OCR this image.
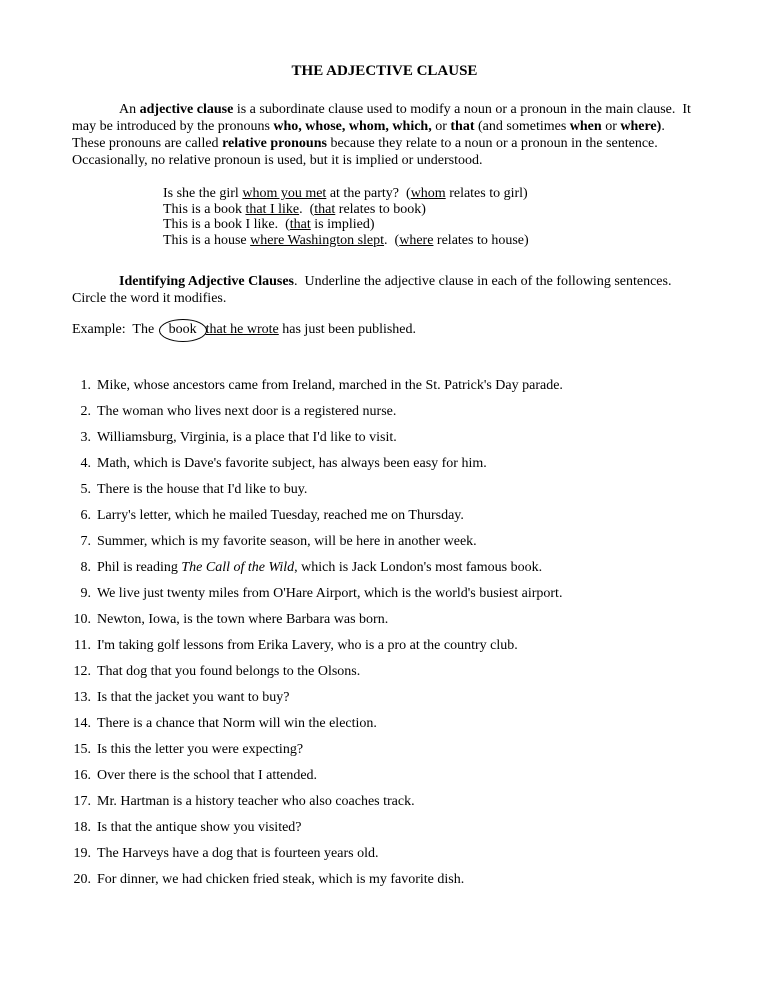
THE ADJECTIVE CLAUSE

An adjective clause is a subordinate clause used to modify a noun or a pronoun in the main clause.  It may be introduced by the pronouns who, whose, whom, which, or that (and sometimes when or where). These pronouns are called relative pronouns because they relate to a noun or a pronoun in the sentence. Occasionally, no relative pronoun is used, but it is implied or understood.

Is she the girl whom you met at the party?  (whom relates to girl)
This is a book that I like.  (that relates to book)
This is a book I like.  (that is implied)
This is a house where Washington slept.  (where relates to house)

Identifying Adjective Clauses.  Underline the adjective clause in each of the following sentences.  Circle the word it modifies.

Example:  The book that he wrote has just been published.
1. Mike, whose ancestors came from Ireland, marched in the St. Patrick's Day parade.
2. The woman who lives next door is a registered nurse.
3. Williamsburg, Virginia, is a place that I'd like to visit.
4. Math, which is Dave's favorite subject, has always been easy for him.
5. There is the house that I'd like to buy.
6. Larry's letter, which he mailed Tuesday, reached me on Thursday.
7. Summer, which is my favorite season, will be here in another week.
8. Phil is reading The Call of the Wild, which is Jack London's most famous book.
9. We live just twenty miles from O'Hare Airport, which is the world's busiest airport.
10. Newton, Iowa, is the town where Barbara was born.
11. I'm taking golf lessons from Erika Lavery, who is a pro at the country club.
12. That dog that you found belongs to the Olsons.
13. Is that the jacket you want to buy?
14. There is a chance that Norm will win the election.
15. Is this the letter you were expecting?
16. Over there is the school that I attended.
17. Mr. Hartman is a history teacher who also coaches track.
18. Is that the antique show you visited?
19. The Harveys have a dog that is fourteen years old.
20. For dinner, we had chicken fried steak, which is my favorite dish.
